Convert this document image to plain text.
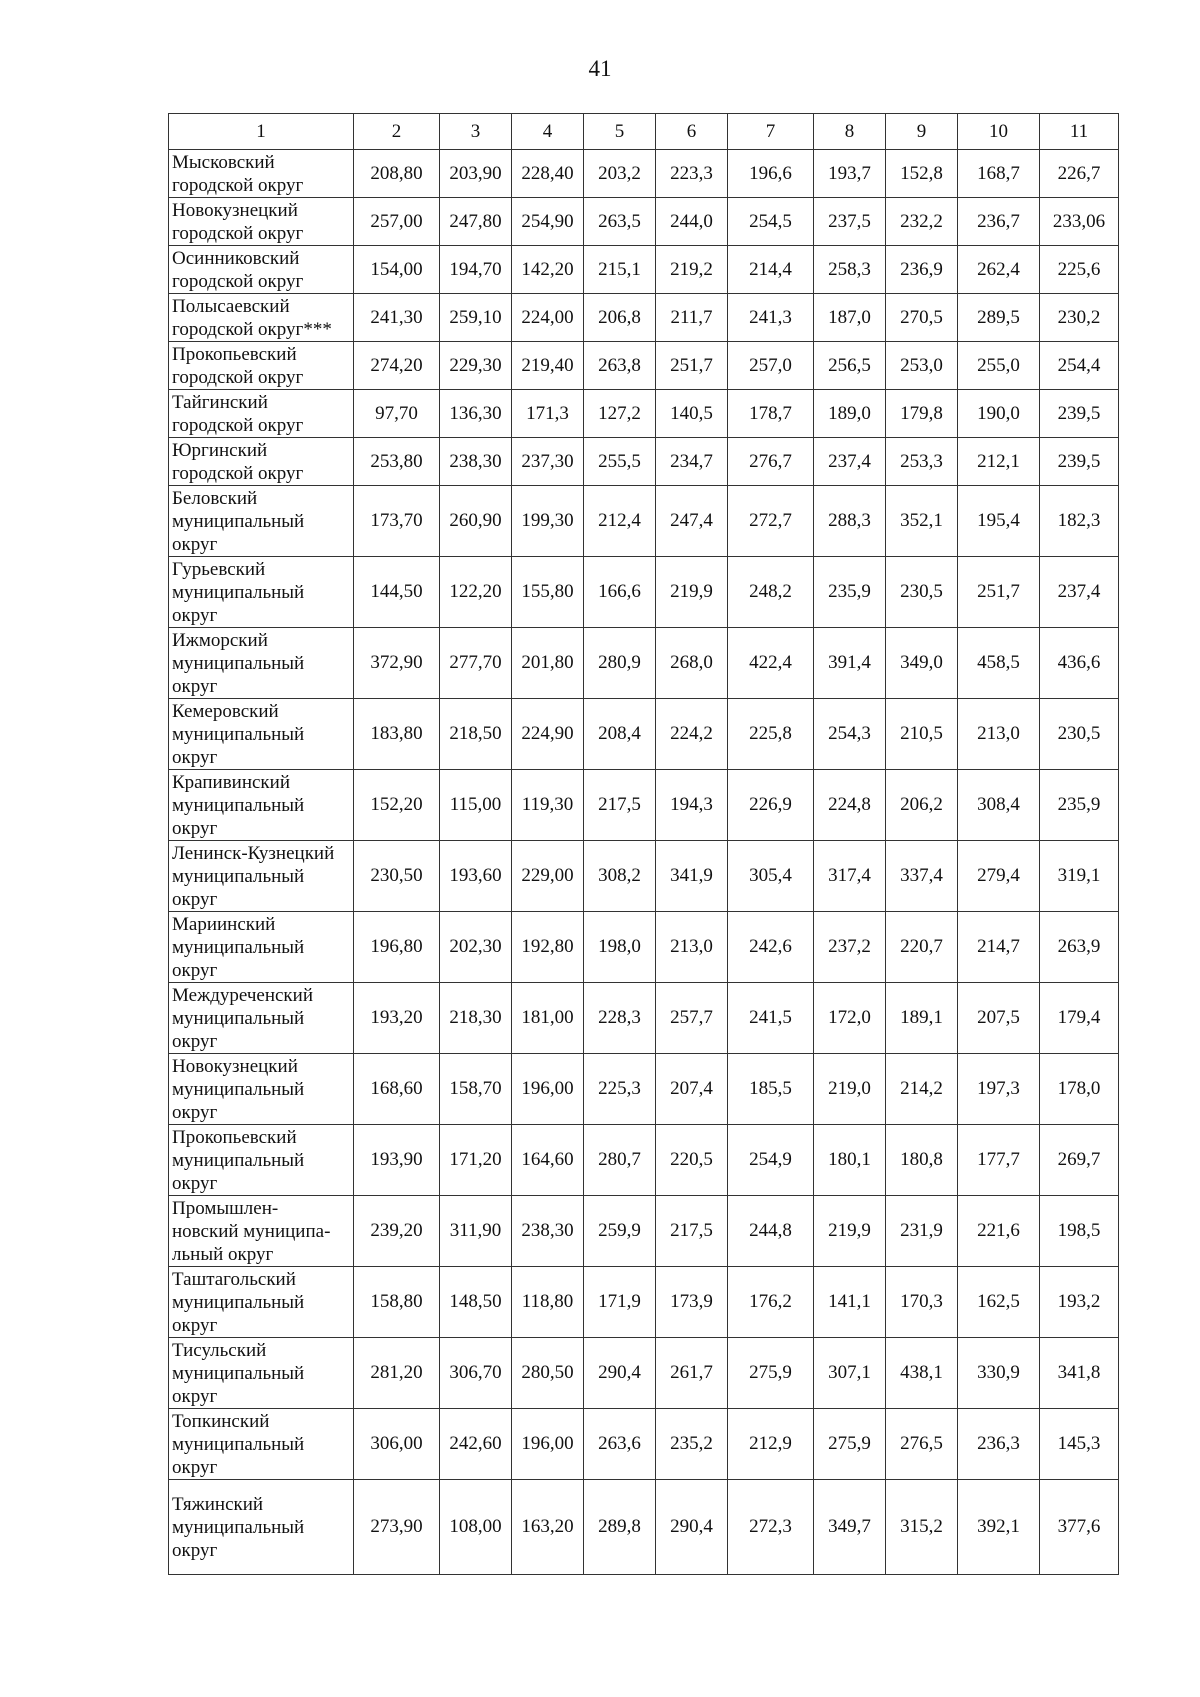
41
1	2	3	4	5	6	7	8	9	10	11

Мысковский
городской округ	208,80	203,90	228,40	203,2	223,3	196,6	193,7	152,8	168,7	226,7

Новокузнецкий
городской округ	257,00	247,80	254,90	263,5	244,0	254,5	237,5	232,2	236,7	233,06

Осинниковский
городской округ	154,00	194,70	142,20	215,1	219,2	214,4	258,3	236,9	262,4	225,6

Полысаевский
городской округ***	241,30	259,10	224,00	206,8	211,7	241,3	187,0	270,5	289,5	230,2

Прокопьевский
городской округ	274,20	229,30	219,40	263,8	251,7	257,0	256,5	253,0	255,0	254,4

Тайгинский
городской округ	97,70	136,30	171,3	127,2	140,5	178,7	189,0	179,8	190,0	239,5

Юргинский
городской округ	253,80	238,30	237,30	255,5	234,7	276,7	237,4	253,3	212,1	239,5

Беловский
муниципальный
округ	173,70	260,90	199,30	212,4	247,4	272,7	288,3	352,1	195,4	182,3

Гурьевский
муниципальный
округ	144,50	122,20	155,80	166,6	219,9	248,2	235,9	230,5	251,7	237,4

Ижморский
муниципальный
округ	372,90	277,70	201,80	280,9	268,0	422,4	391,4	349,0	458,5	436,6

Кемеровский
муниципальный
округ	183,80	218,50	224,90	208,4	224,2	225,8	254,3	210,5	213,0	230,5

Крапивинский
муниципальный
округ	152,20	115,00	119,30	217,5	194,3	226,9	224,8	206,2	308,4	235,9

Ленинск-Кузнецкий
муниципальный
округ	230,50	193,60	229,00	308,2	341,9	305,4	317,4	337,4	279,4	319,1

Мариинский
муниципальный
округ	196,80	202,30	192,80	198,0	213,0	242,6	237,2	220,7	214,7	263,9

Междуреченский
муниципальный
округ	193,20	218,30	181,00	228,3	257,7	241,5	172,0	189,1	207,5	179,4

Новокузнецкий
муниципальный
округ	168,60	158,70	196,00	225,3	207,4	185,5	219,0	214,2	197,3	178,0

Прокопьевский
муниципальный
округ	193,90	171,20	164,60	280,7	220,5	254,9	180,1	180,8	177,7	269,7

Промышлен-
новский муниципа-
льный округ	239,20	311,90	238,30	259,9	217,5	244,8	219,9	231,9	221,6	198,5

Таштагольский
муниципальный
округ	158,80	148,50	118,80	171,9	173,9	176,2	141,1	170,3	162,5	193,2

Тисульский
муниципальный
округ	281,20	306,70	280,50	290,4	261,7	275,9	307,1	438,1	330,9	341,8

Топкинский
муниципальный
округ	306,00	242,60	196,00	263,6	235,2	212,9	275,9	276,5	236,3	145,3

Тяжинский
муниципальный
округ	273,90	108,00	163,20	289,8	290,4	272,3	349,7	315,2	392,1	377,6
